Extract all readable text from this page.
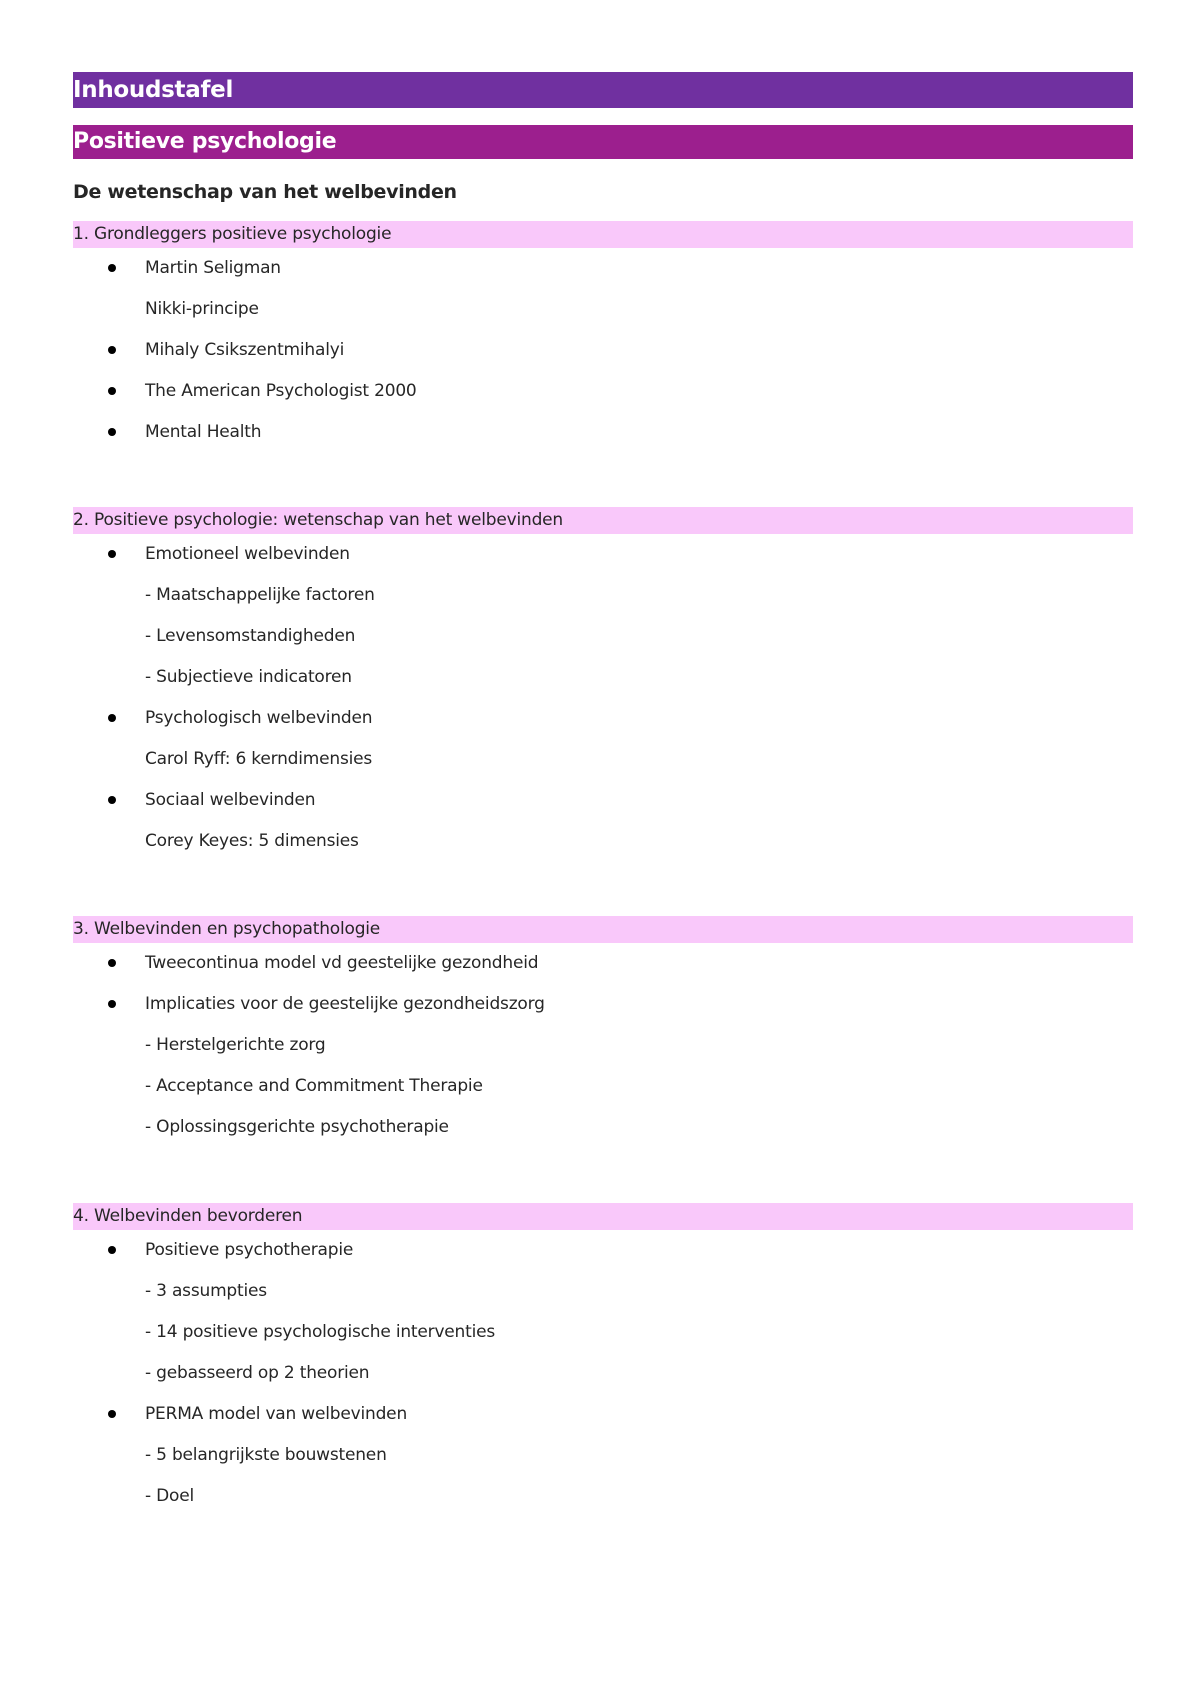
Inhoudstafel
Positieve psychologie
De wetenschap van het welbevinden
1. Grondleggers positieve psychologie
Martin Seligman
Nikki-principe
Mihaly Csikszentmihalyi
The American Psychologist 2000
Mental Health
2. Positieve psychologie: wetenschap van het welbevinden
Emotioneel welbevinden
- Maatschappelijke factoren
- Levensomstandigheden
- Subjectieve indicatoren
Psychologisch welbevinden
Carol Ryff: 6 kerndimensies
Sociaal welbevinden
Corey Keyes: 5 dimensies
3. Welbevinden en psychopathologie
Tweecontinua model vd geestelijke gezondheid
Implicaties voor de geestelijke gezondheidszorg
- Herstelgerichte zorg
- Acceptance and Commitment Therapie
- Oplossingsgerichte psychotherapie
4. Welbevinden bevorderen
Positieve psychotherapie
- 3 assumpties
- 14 positieve psychologische interventies
- gebasseerd op 2 theorien
PERMA model van welbevinden
- 5 belangrijkste bouwstenen
- Doel
